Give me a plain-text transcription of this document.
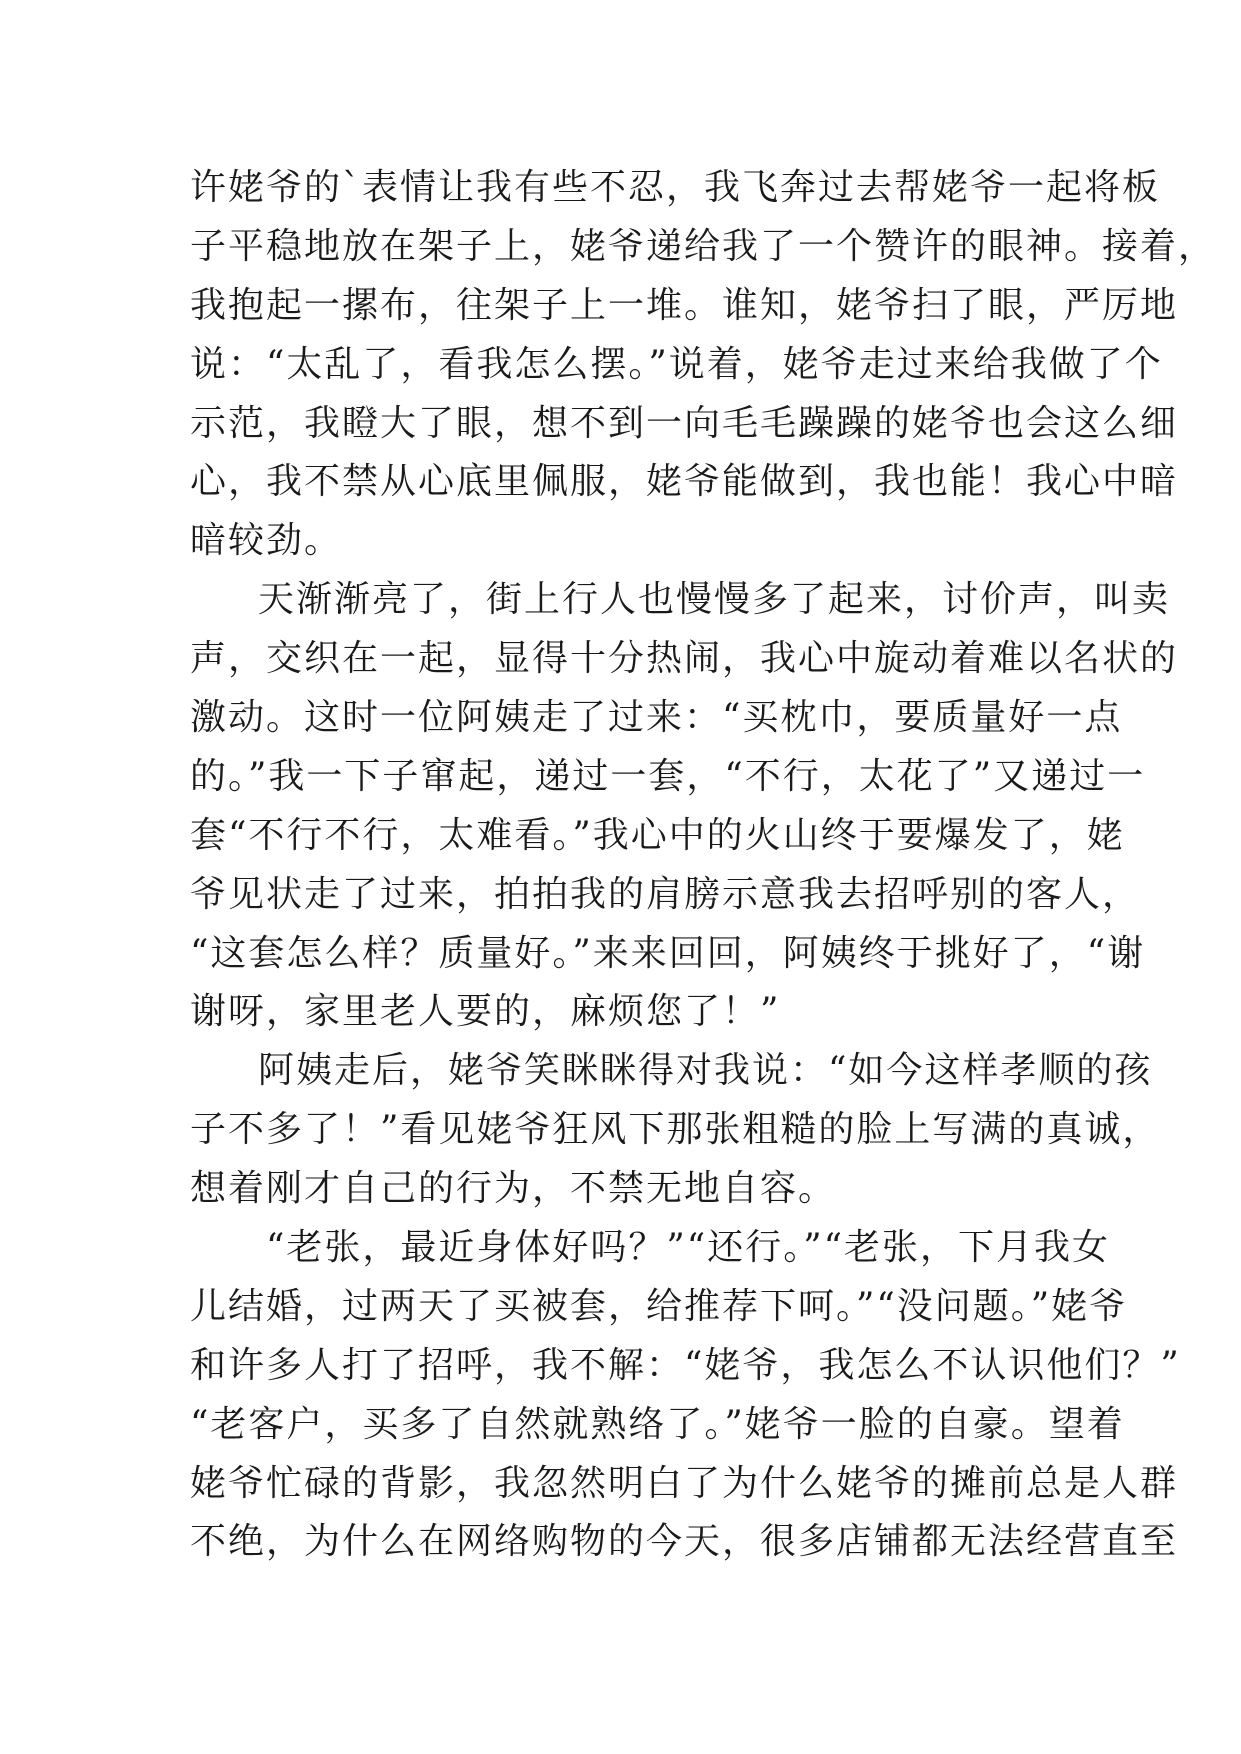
许姥爷的`表情让我有些不忍，我飞奔过去帮姥爷一起将板
子平稳地放在架子上，姥爷递给我了一个赞许的眼神。接着，
我抱起一摞布，往架子上一堆。谁知，姥爷扫了眼，严厉地
说：“太乱了，看我怎么摆。”说着，姥爷走过来给我做了个
示范，我瞪大了眼，想不到一向毛毛躁躁的姥爷也会这么细
心，我不禁从心底里佩服，姥爷能做到，我也能！我心中暗
暗较劲。
天渐渐亮了，街上行人也慢慢多了起来，讨价声，叫卖
声，交织在一起，显得十分热闹，我心中旋动着难以名状的
激动。这时一位阿姨走了过来：“买枕巾，要质量好一点
的。”我一下子窜起，递过一套，“不行，太花了”又递过一
套“不行不行，太难看。”我心中的火山终于要爆发了，姥
爷见状走了过来，拍拍我的肩膀示意我去招呼别的客人，
“这套怎么样？质量好。”来来回回，阿姨终于挑好了，“谢
谢呀，家里老人要的，麻烦您了！”
阿姨走后，姥爷笑眯眯得对我说：“如今这样孝顺的孩
子不多了！”看见姥爷狂风下那张粗糙的脸上写满的真诚，
想着刚才自己的行为，不禁无地自容。
“老张，最近身体好吗？”“还行。”“老张，下月我女
儿结婚，过两天了买被套，给推荐下呵。”“没问题。”姥爷
和许多人打了招呼，我不解：“姥爷，我怎么不认识他们？”
“老客户，买多了自然就熟络了。”姥爷一脸的自豪。望着
姥爷忙碌的背影，我忽然明白了为什么姥爷的摊前总是人群
不绝，为什么在网络购物的今天，很多店铺都无法经营直至
